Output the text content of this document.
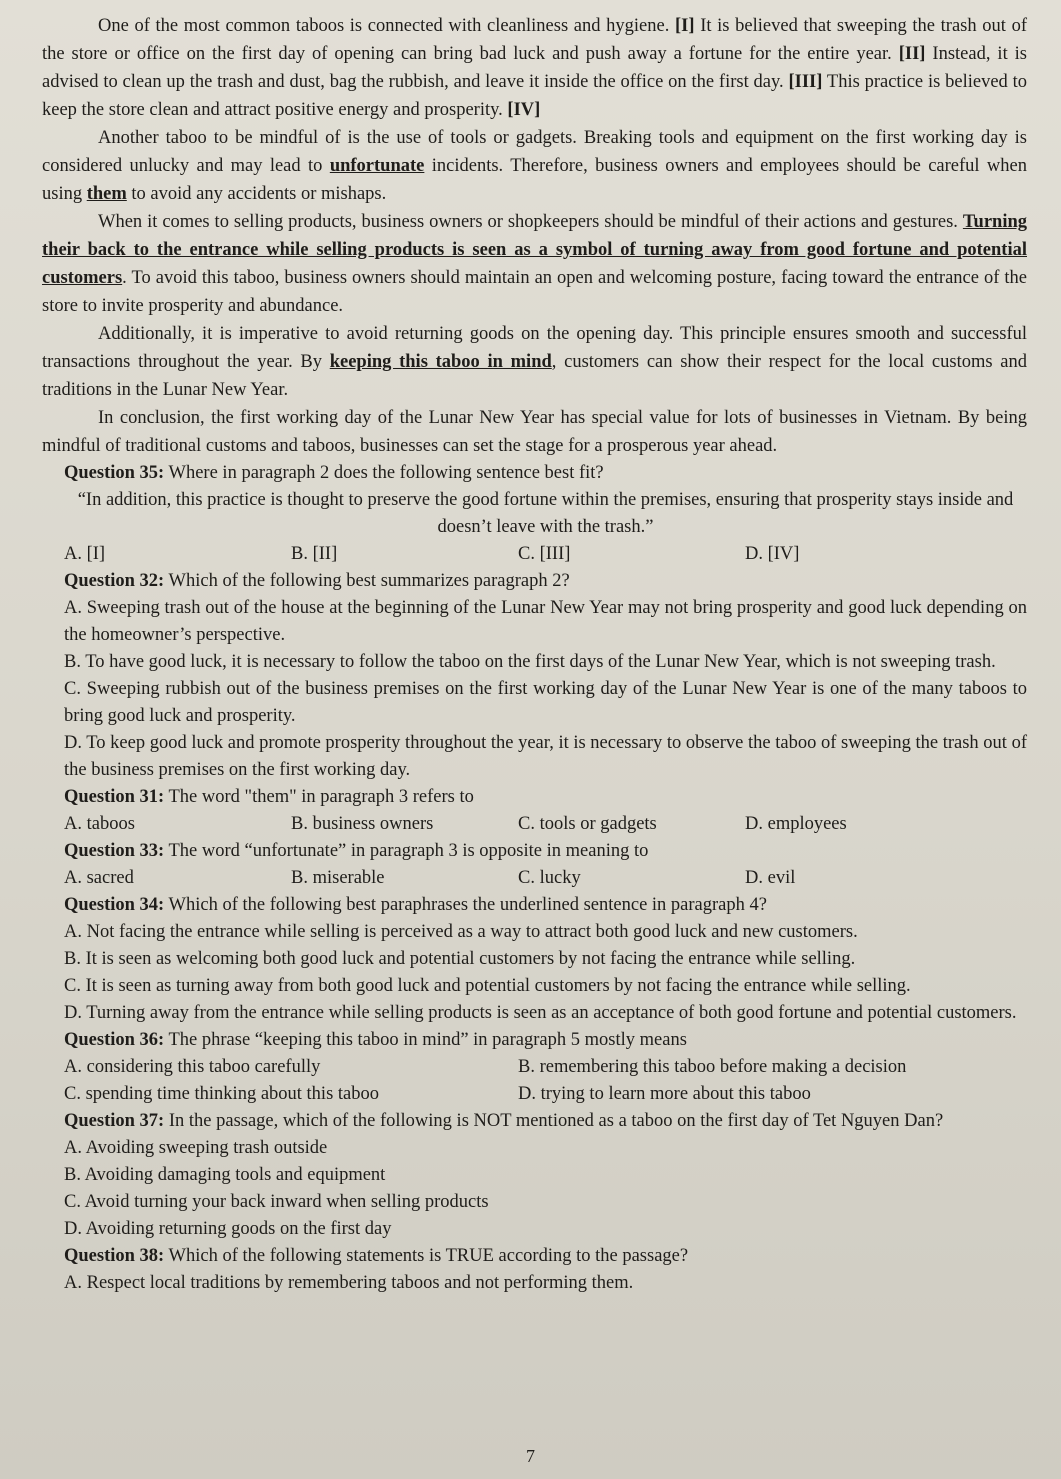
One of the most common taboos is connected with cleanliness and hygiene. [I] It is believed that sweeping the trash out of the store or office on the first day of opening can bring bad luck and push away a fortune for the entire year. [II] Instead, it is advised to clean up the trash and dust, bag the rubbish, and leave it inside the office on the first day. [III] This practice is believed to keep the store clean and attract positive energy and prosperity. [IV]

Another taboo to be mindful of is the use of tools or gadgets. Breaking tools and equipment on the first working day is considered unlucky and may lead to unfortunate incidents. Therefore, business owners and employees should be careful when using them to avoid any accidents or mishaps.

When it comes to selling products, business owners or shopkeepers should be mindful of their actions and gestures. Turning their back to the entrance while selling products is seen as a symbol of turning away from good fortune and potential customers. To avoid this taboo, business owners should maintain an open and welcoming posture, facing toward the entrance of the store to invite prosperity and abundance.

Additionally, it is imperative to avoid returning goods on the opening day. This principle ensures smooth and successful transactions throughout the year. By keeping this taboo in mind, customers can show their respect for the local customs and traditions in the Lunar New Year.

In conclusion, the first working day of the Lunar New Year has special value for lots of businesses in Vietnam. By being mindful of traditional customs and taboos, businesses can set the stage for a prosperous year ahead.

Question 35: Where in paragraph 2 does the following sentence best fit?

“In addition, this practice is thought to preserve the good fortune within the premises, ensuring that prosperity stays inside and doesn’t leave with the trash.”

A. [I]	B. [II]	C. [III]	D. [IV]

Question 32: Which of the following best summarizes paragraph 2?

A. Sweeping trash out of the house at the beginning of the Lunar New Year may not bring prosperity and good luck depending on the homeowner’s perspective.

B. To have good luck, it is necessary to follow the taboo on the first days of the Lunar New Year, which is not sweeping trash.

C. Sweeping rubbish out of the business premises on the first working day of the Lunar New Year is one of the many taboos to bring good luck and prosperity.

D. To keep good luck and promote prosperity throughout the year, it is necessary to observe the taboo of sweeping the trash out of the business premises on the first working day.

Question 31: The word "them" in paragraph 3 refers to

A. taboos	B. business owners	C. tools or gadgets	D. employees

Question 33: The word “unfortunate” in paragraph 3 is opposite in meaning to

A. sacred	B. miserable	C. lucky	D. evil

Question 34: Which of the following best paraphrases the underlined sentence in paragraph 4?

A. Not facing the entrance while selling is perceived as a way to attract both good luck and new customers.

B. It is seen as welcoming both good luck and potential customers by not facing the entrance while selling.

C. It is seen as turning away from both good luck and potential customers by not facing the entrance while selling.

D. Turning away from the entrance while selling products is seen as an acceptance of both good fortune and potential customers.

Question 36: The phrase “keeping this taboo in mind” in paragraph 5 mostly means

A. considering this taboo carefully	B. remembering this taboo before making a decision
C. spending time thinking about this taboo	D. trying to learn more about this taboo

Question 37: In the passage, which of the following is NOT mentioned as a taboo on the first day of Tet Nguyen Dan?

A. Avoiding sweeping trash outside

B. Avoiding damaging tools and equipment

C. Avoid turning your back inward when selling products

D. Avoiding returning goods on the first day

Question 38: Which of the following statements is TRUE according to the passage?

A. Respect local traditions by remembering taboos and not performing them.

7
